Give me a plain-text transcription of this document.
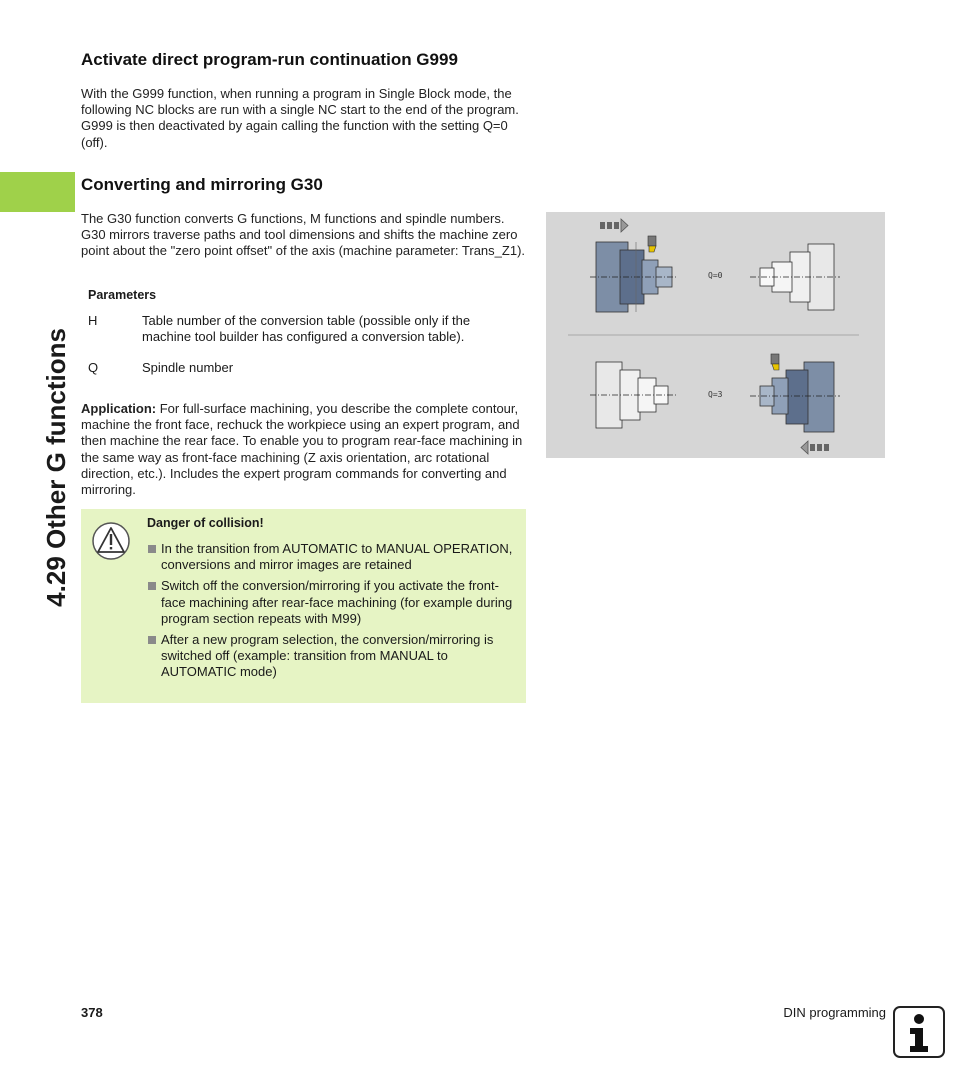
4.29 Other G functions
Activate direct program-run continuation G999

With the G999 function, when running a program in Single Block mode, the following NC blocks are run with a single NC start to the end of the program. G999 is then deactivated by again calling the function with the setting Q=0 (off).

Converting and mirroring G30

The G30 function converts G functions, M functions and spindle numbers. G30 mirrors traverse paths and tool dimensions and shifts the machine zero point about the "zero point offset" of the axis (machine parameter: Trans_Z1).

Parameters
H	Table number of the conversion table (possible only if the machine tool builder has configured a conversion table).
Q	Spindle number

Application: For full-surface machining, you describe the complete contour, machine the front face, rechuck the workpiece using an expert program, and then machine the rear face. To enable you to program rear-face machining in the same way as front-face machining (Z axis orientation, arc rotational direction, etc.). Includes the expert program commands for converting and mirroring.

Danger of collision!
In the transition from AUTOMATIC to MANUAL OPERATION, conversions and mirror images are retained
Switch off the conversion/mirroring if you activate the front-face machining after rear-face machining (for example during program section repeats with M99)
After a new program selection, the conversion/mirroring is switched off (example: transition from MANUAL to AUTOMATIC mode)
Q=0
Q=3
378	DIN programming
